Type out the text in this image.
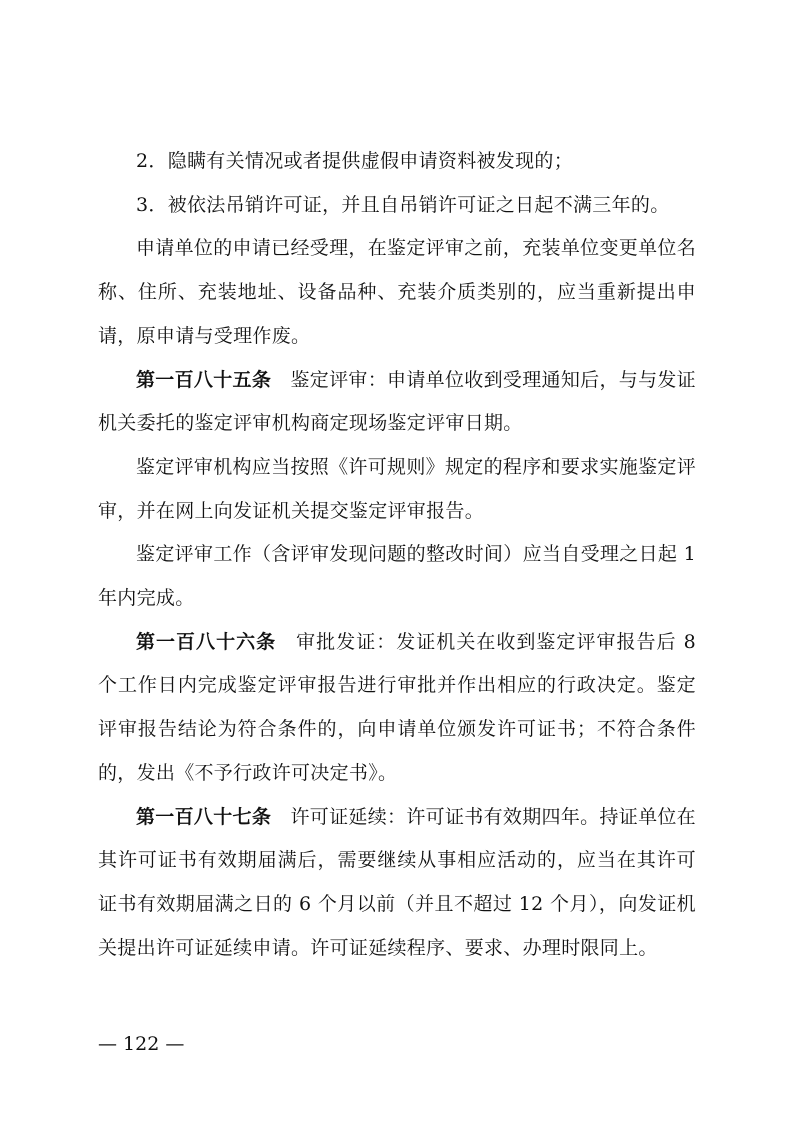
2．隐瞒有关情况或者提供虚假申请资料被发现的；

3．被依法吊销许可证，并且自吊销许可证之日起不满三年的。

申请单位的申请已经受理，在鉴定评审之前，充装单位变更单位名称、住所、充装地址、设备品种、充装介质类别的，应当重新提出申请，原申请与受理作废。

第一百八十五条　鉴定评审：申请单位收到受理通知后，与与发证机关委托的鉴定评审机构商定现场鉴定评审日期。

鉴定评审机构应当按照《许可规则》规定的程序和要求实施鉴定评审，并在网上向发证机关提交鉴定评审报告。

鉴定评审工作（含评审发现问题的整改时间）应当自受理之日起 1 年内完成。

第一百八十六条　审批发证：发证机关在收到鉴定评审报告后 8 个工作日内完成鉴定评审报告进行审批并作出相应的行政决定。鉴定评审报告结论为符合条件的，向申请单位颁发许可证书；不符合条件的，发出《不予行政许可决定书》。

第一百八十七条　许可证延续：许可证书有效期四年。持证单位在其许可证书有效期届满后，需要继续从事相应活动的，应当在其许可证书有效期届满之日的 6 个月以前（并且不超过 12 个月），向发证机关提出许可证延续申请。许可证延续程序、要求、办理时限同上。

— 122 —
